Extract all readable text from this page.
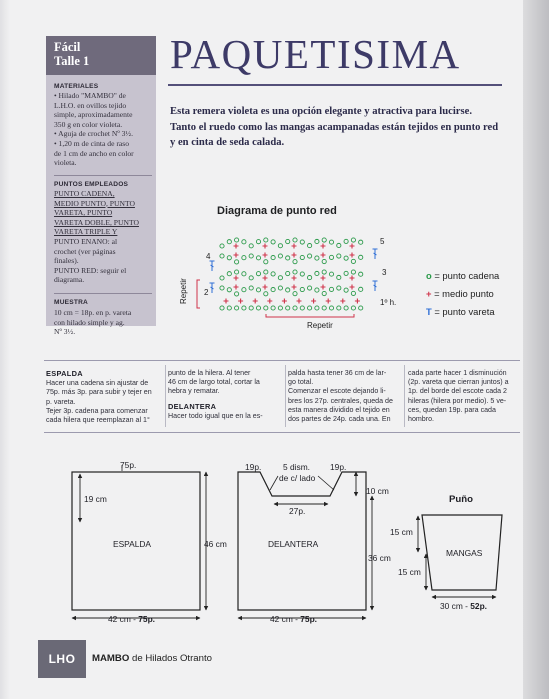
Fácil
Talle 1
MATERIALES
• Hilado "MAMBO" de
L.H.O. en ovillos tejido
simple, aproximadamente
350 g en color violeta.
• Aguja de crochet Nº 3½.
• 1,20 m de cinta de raso
de 1 cm de ancho en color
violeta.
PUNTOS EMPLEADOS
PUNTO CADENA,
MEDIO PUNTO, PUNTO
VARETA, PUNTO
VARETA DOBLE, PUNTO
VARETA TRIPLE Y
PUNTO ENANO: al
crochet (ver páginas
finales).
PUNTO RED: seguir el
diagrama.
MUESTRA
10 cm = 18p. en p. vareta
con hilado simple y ag.
Nº 3½.
PAQUETISIMA
Esta remera violeta es una opción elegante y atractiva para lucirse. Tanto el ruedo como las mangas acampanadas están tejidos en punto red y en cinta de seda calada.
Diagrama de punto red
5
4
3
2
1º h.
Repetir
Repetir
o = punto cadena
+ = medio punto
T = punto vareta
ESPALDA
Hacer una cadena sin ajustar de
75p. más 3p. para subir y tejer en
p. vareta.
Tejer 3p. cadena para comenzar
cada hilera que reemplazan al 1°
punto de la hilera. Al tener
46 cm de largo total, cortar la
hebra y rematar.
DELANTERA
Hacer todo igual que en la es-
palda hasta tener 36 cm de lar-
go total.
Comenzar el escote dejando li-
bres los 27p. centrales, queda de
esta manera dividido el tejido en
dos partes de 24p. cada una. En
cada parte hacer 1 disminución
(2p. vareta que cierran juntos) a
1p. del borde del escote cada 2
hileras (hilera por medio). 5 ve-
ces, quedan 19p. para cada
hombro.
75p.
19 cm
ESPALDA	46 cm
42 cm - 75p.
19p.	5 dism.
de c/ lado
19p.
27p.
10 cm
DELANTERA
36 cm
42 cm - 75p.
Puño
15 cm
MANGAS
15 cm
30 cm - 52p.
LHO MAMBO de Hilados Otranto
